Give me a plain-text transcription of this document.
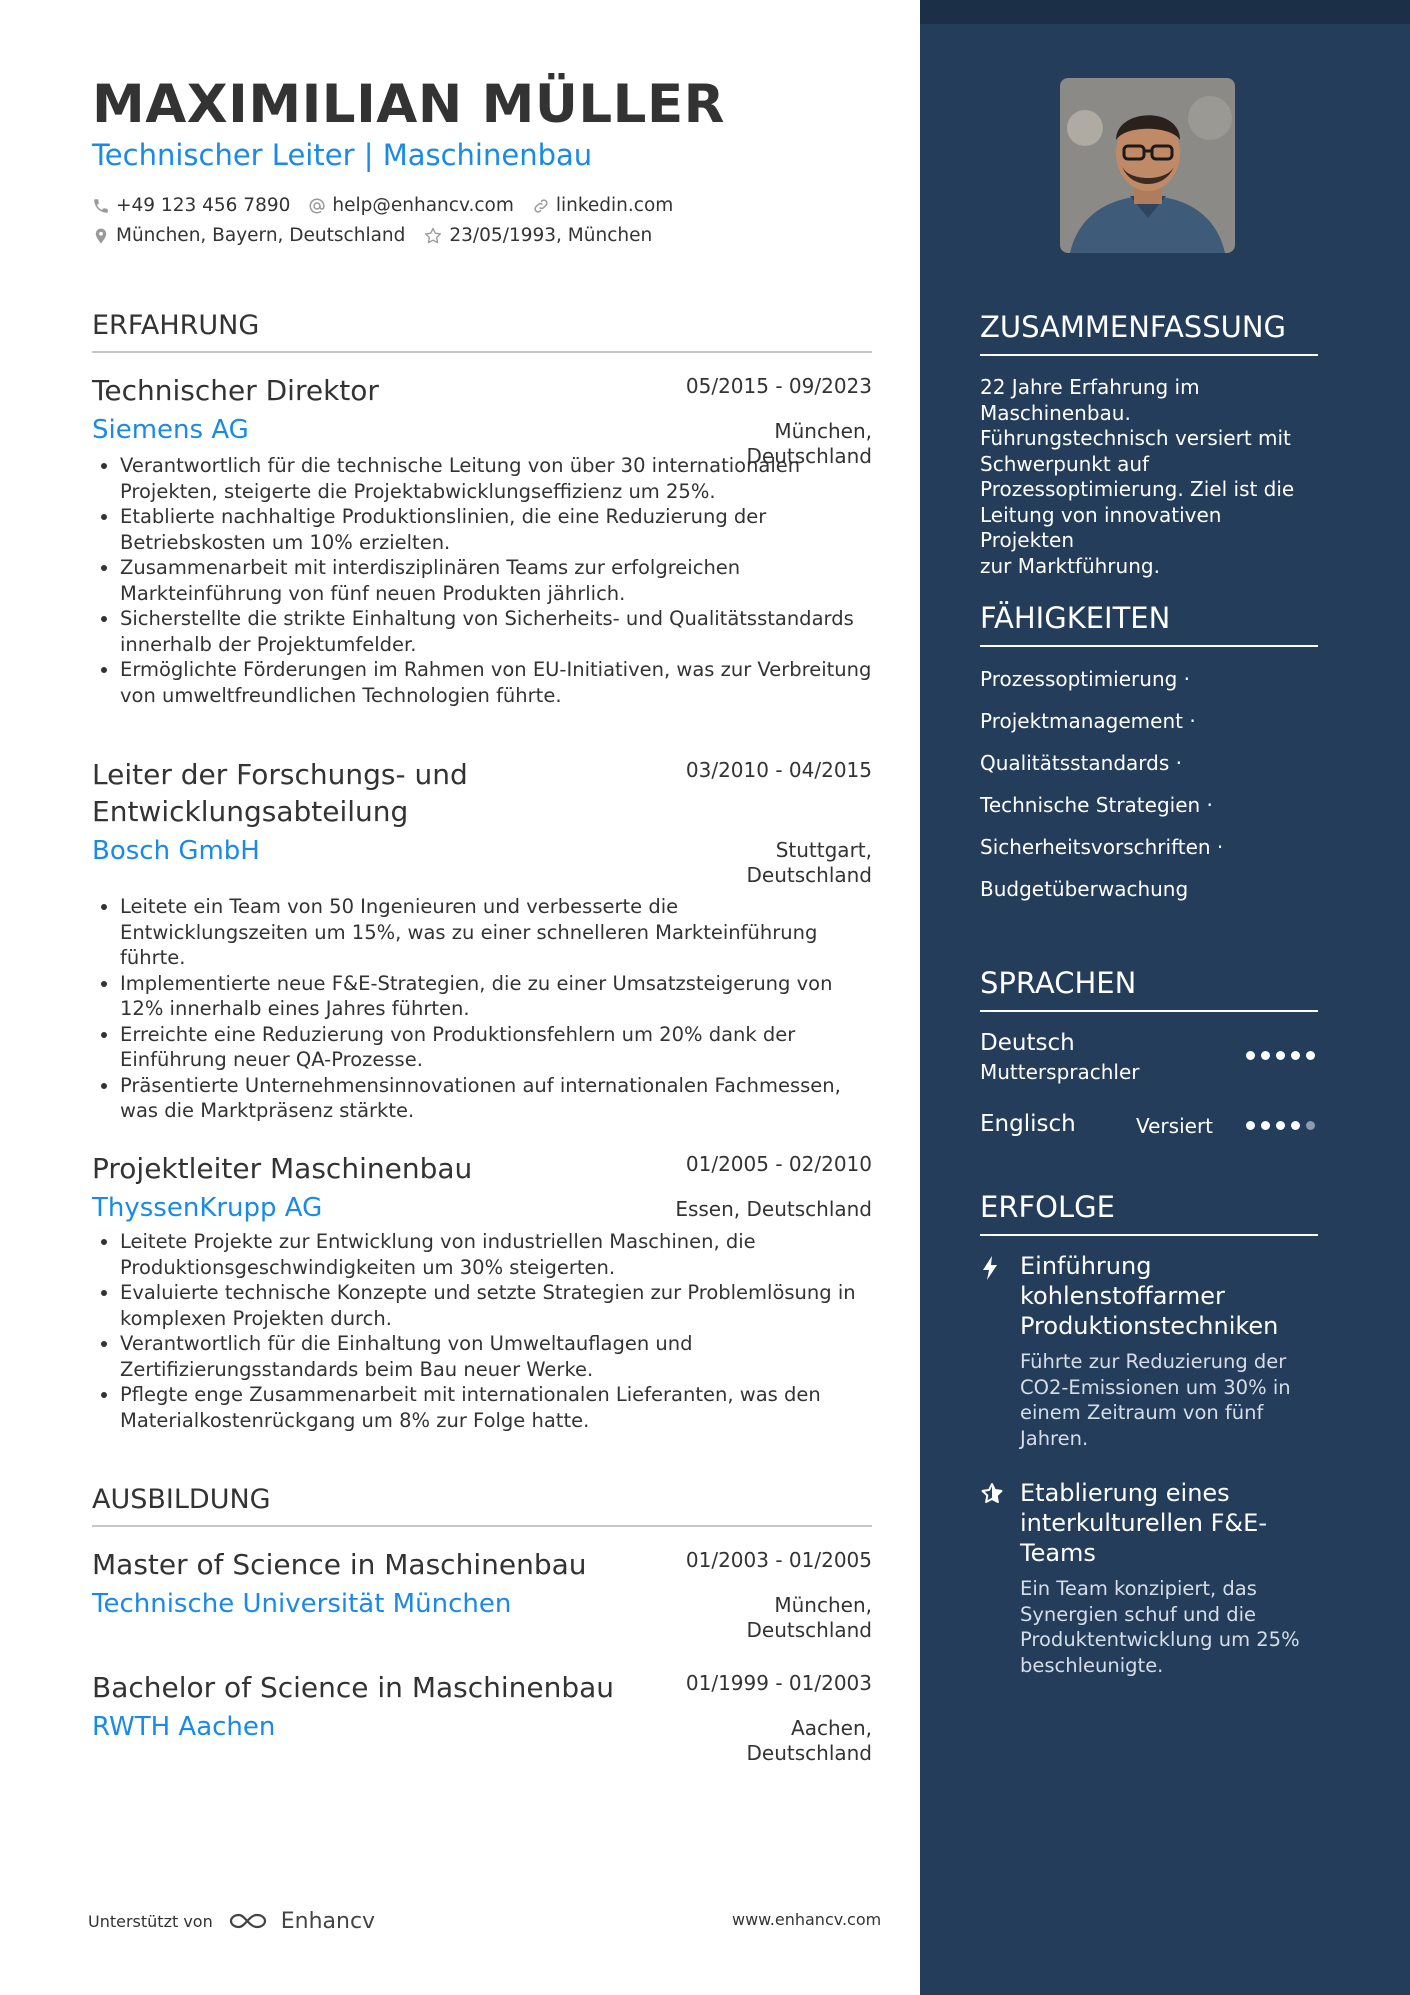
MAXIMILIAN MÜLLER
Technischer Leiter | Maschinenbau
+49 123 456 7890 help@enhancv.com linkedin.com
München, Bayern, Deutschland 23/05/1993, München
ERFAHRUNG
Technischer Direktor	05/2015 - 09/2023
Siemens AG	München,
Deutschland
• Verantwortlich für die technische Leitung von über 30 internationalen Projekten, steigerte die Projektabwicklungseffizienz um 25%.
• Etablierte nachhaltige Produktionslinien, die eine Reduzierung der Betriebskosten um 10% erzielten.
• Zusammenarbeit mit interdisziplinären Teams zur erfolgreichen Markteinführung von fünf neuen Produkten jährlich.
• Sicherstellte die strikte Einhaltung von Sicherheits- und Qualitätsstandards innerhalb der Projektumfelder.
• Ermöglichte Förderungen im Rahmen von EU-Initiativen, was zur Verbreitung von umweltfreundlichen Technologien führte.
Leiter der Forschungs- und Entwicklungsabteilung
03/2010 - 04/2015
Bosch GmbH	Stuttgart,
Deutschland
• Leitete ein Team von 50 Ingenieuren und verbesserte die Entwicklungszeiten um 15%, was zu einer schnelleren Markteinführung führte.
• Implementierte neue F&E-Strategien, die zu einer Umsatzsteigerung von 12% innerhalb eines Jahres führten.
• Erreichte eine Reduzierung von Produktionsfehlern um 20% dank der Einführung neuer QA-Prozesse.
• Präsentierte Unternehmensinnovationen auf internationalen Fachmessen, was die Marktpräsenz stärkte.
Projektleiter Maschinenbau	01/2005 - 02/2010
ThyssenKrupp AG	Essen, Deutschland
• Leitete Projekte zur Entwicklung von industriellen Maschinen, die Produktionsgeschwindigkeiten um 30% steigerten.
• Evaluierte technische Konzepte und setzte Strategien zur Problemlösung in komplexen Projekten durch.
• Verantwortlich für die Einhaltung von Umweltauflagen und Zertifizierungsstandards beim Bau neuer Werke.
• Pflegte enge Zusammenarbeit mit internationalen Lieferanten, was den Materialkostenrückgang um 8% zur Folge hatte.
AUSBILDUNG
Master of Science in Maschinenbau	01/2003 - 01/2005
Technische Universität München	München,
Deutschland
Bachelor of Science in Maschinenbau	01/1999 - 01/2003
RWTH Aachen	Aachen,
Deutschland
Unterstützt von	Enhancv	www.enhancv.com
ZUSAMMENFASSUNG
22 Jahre Erfahrung im
Maschinenbau.
Führungstechnisch versiert mit
Schwerpunkt auf
Prozessoptimierung. Ziel ist die
Leitung von innovativen Projekten
zur Marktführung.
FÄHIGKEITEN
Prozessoptimierung ·
Projektmanagement ·
Qualitätsstandards ·
Technische Strategien ·
Sicherheitsvorschriften ·
Budgetüberwachung
SPRACHEN
Deutsch
Muttersprachler
Englisch	Versiert
ERFOLGE
Einführung kohlenstoffarmer Produktionstechniken
Führte zur Reduzierung der CO2-Emissionen um 30% in einem Zeitraum von fünf Jahren.
Etablierung eines interkulturellen F&E-Teams
Ein Team konzipiert, das Synergien schuf und die Produktentwicklung um 25% beschleunigte.
